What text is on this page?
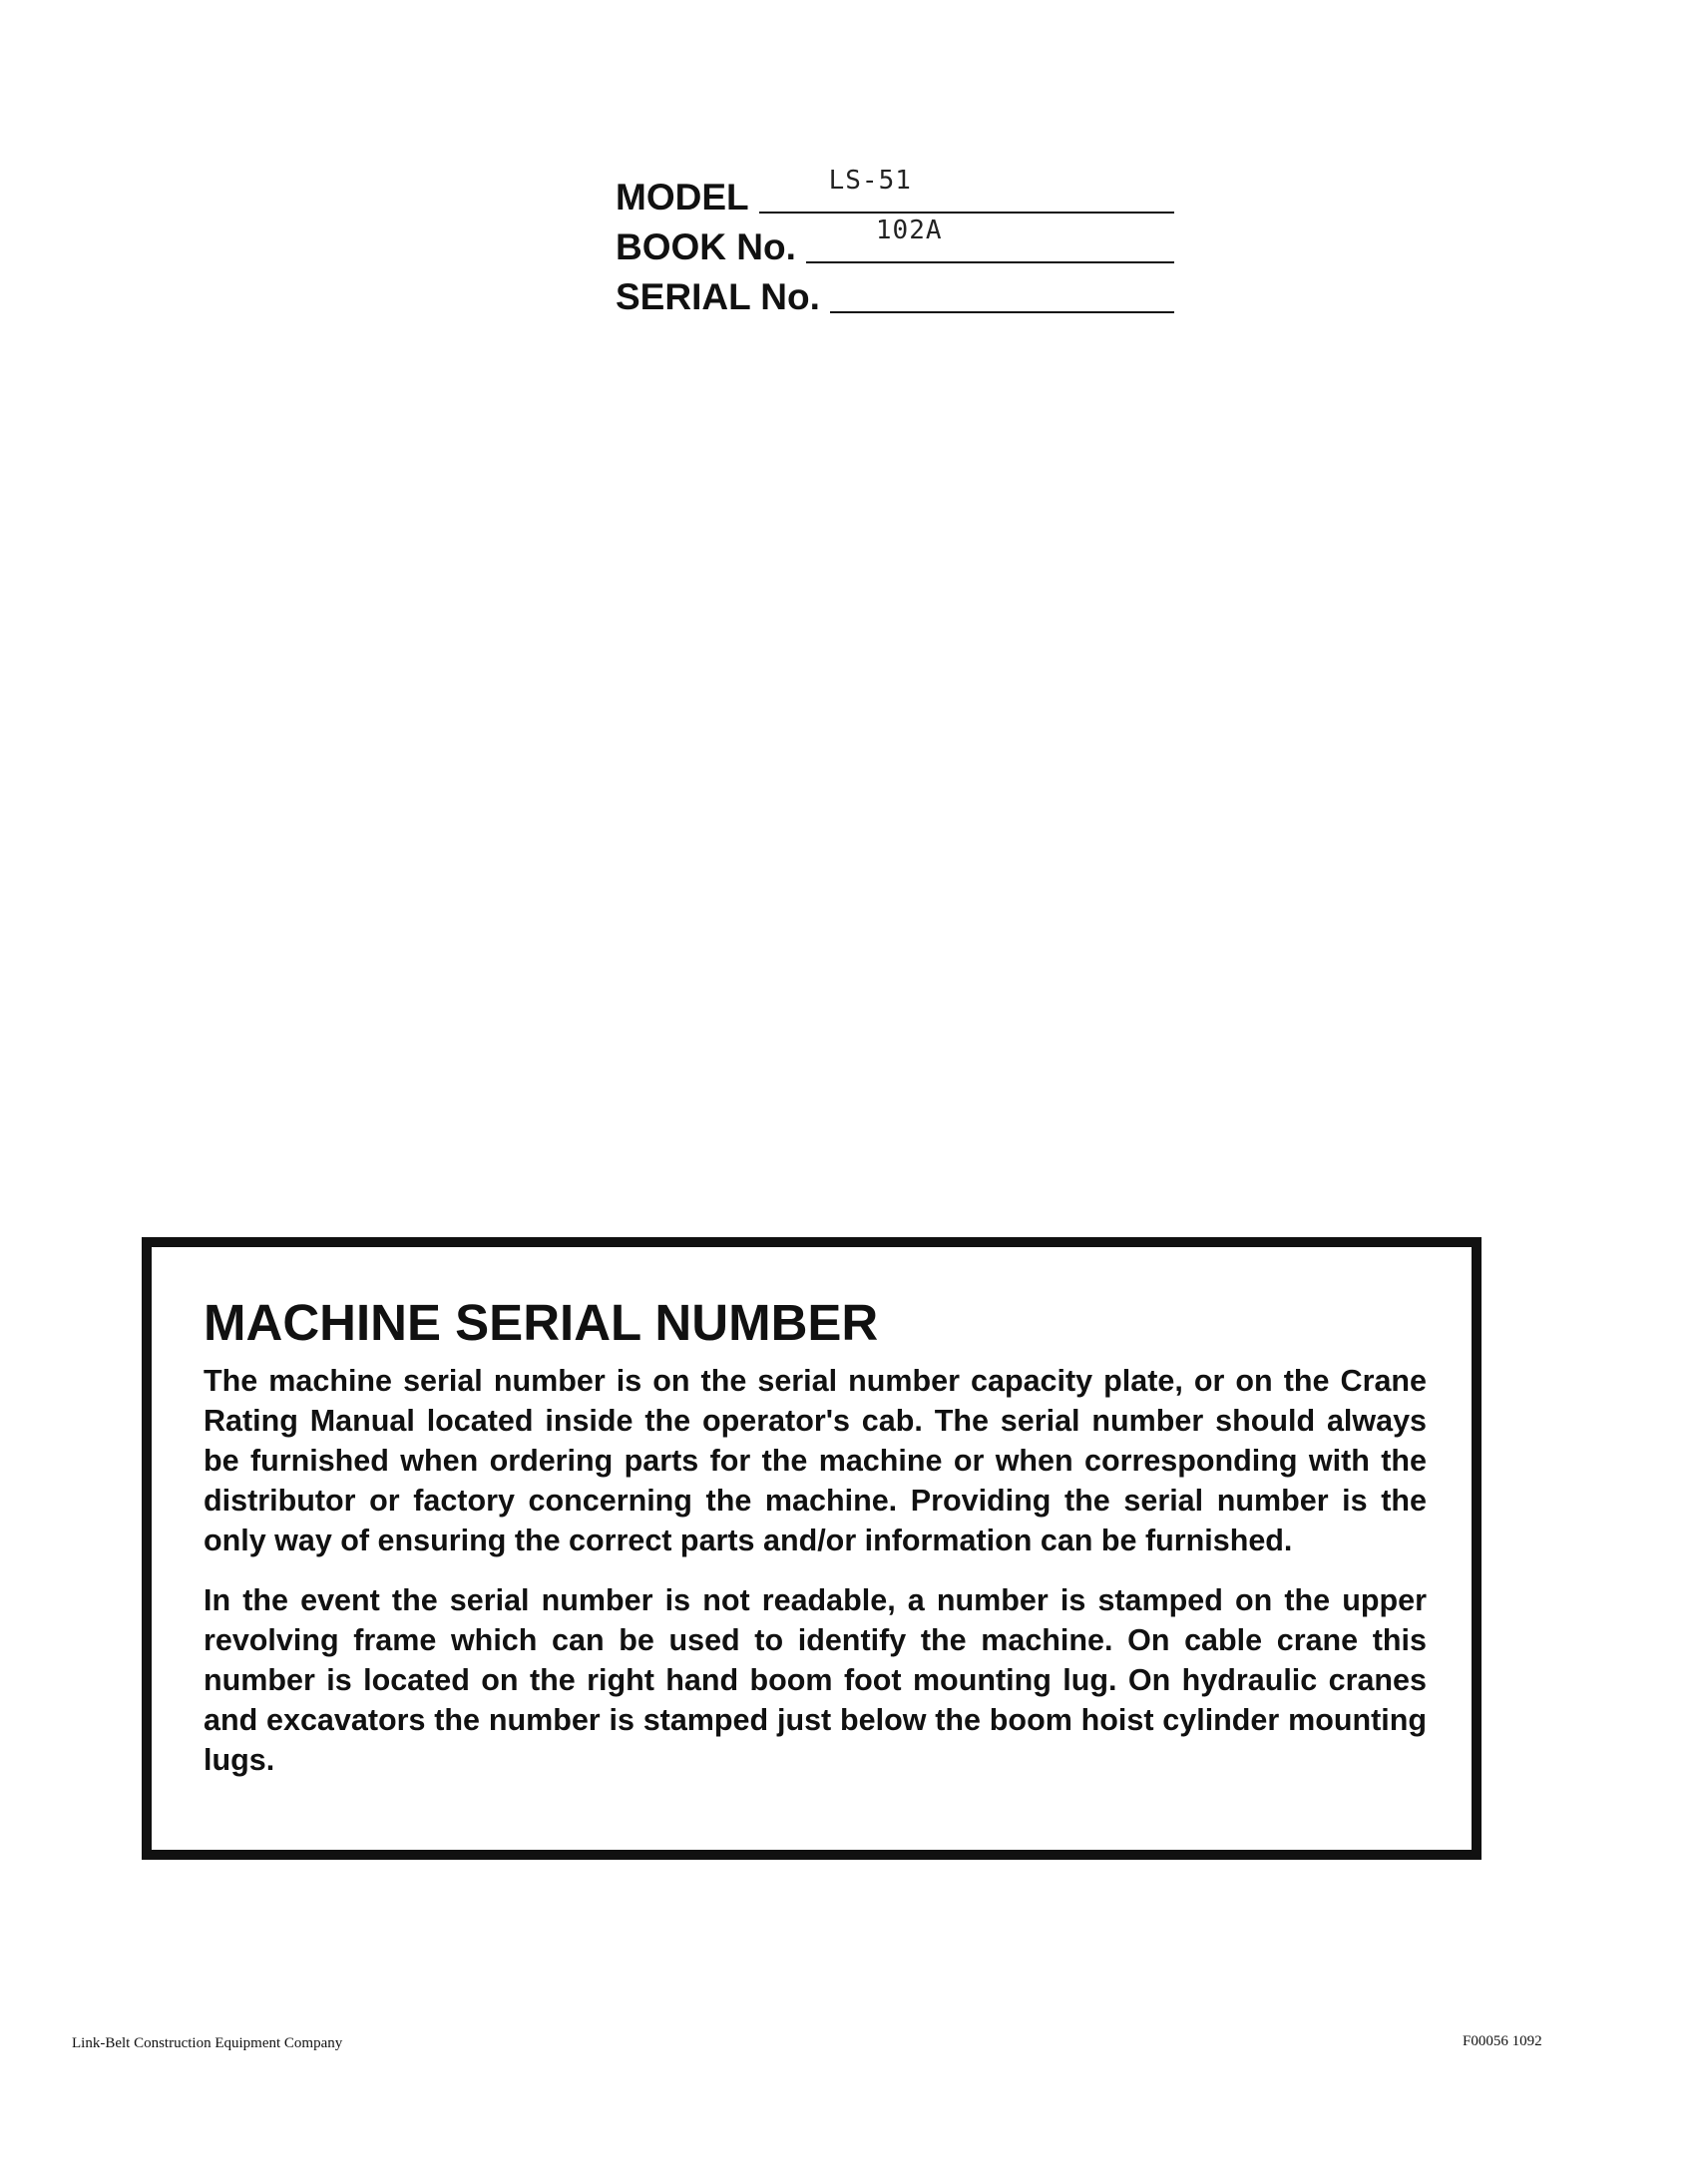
MODEL	LS-51
BOOK No.	102A
SERIAL No.
MACHINE SERIAL NUMBER

The machine serial number is on the serial number capacity plate, or on the Crane Rating Manual located inside the operator's cab. The serial number should always be furnished when ordering parts for the machine or when corresponding with the distributor or factory concerning the machine. Providing the serial number is the only way of ensuring the correct parts and/or information can be furnished.

In the event the serial number is not readable, a number is stamped on the upper revolving frame which can be used to identify the machine. On cable crane this number is located on the right hand boom foot mounting lug. On hydraulic cranes and excavators the number is stamped just below the boom hoist cylinder mounting lugs.

Link-Belt Construction Equipment Company	F00056 1092
